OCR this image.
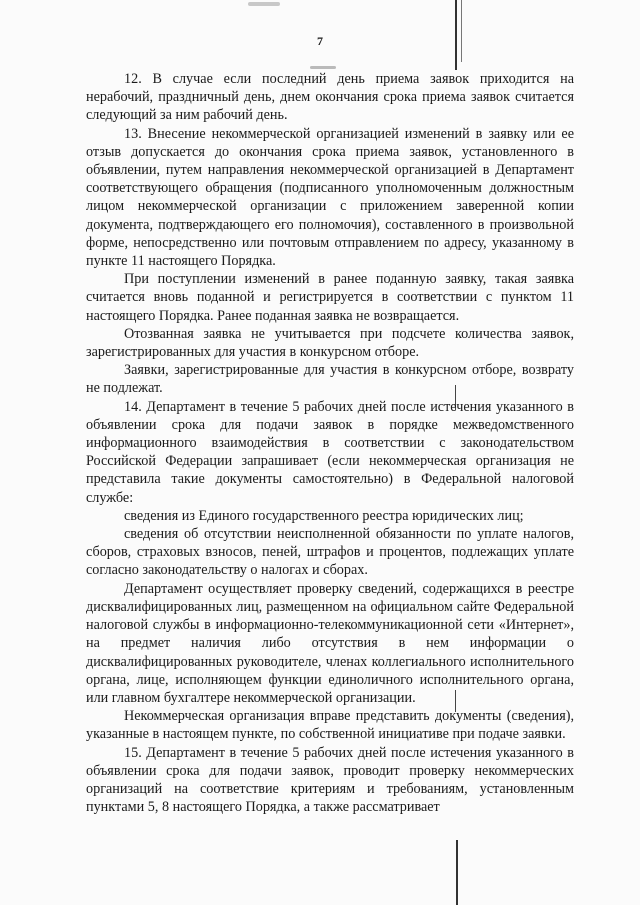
7

12. В случае если последний день приема заявок приходится на нерабочий, праздничный день, днем окончания срока приема заявок считается следующий за ним рабочий день.

13. Внесение некоммерческой организацией изменений в заявку или ее отзыв допускается до окончания срока приема заявок, установленного в объявлении, путем направления некоммерческой организацией в Департамент соответствующего обращения (подписанного уполномоченным должностным лицом некоммерческой организации с приложением заверенной копии документа, подтверждающего его полномочия), составленного в произвольной форме, непосредственно или почтовым отправлением по адресу, указанному в пункте 11 настоящего Порядка.

При поступлении изменений в ранее поданную заявку, такая заявка считается вновь поданной и регистрируется в соответствии с пунктом 11 настоящего Порядка. Ранее поданная заявка не возвращается.

Отозванная заявка не учитывается при подсчете количества заявок, зарегистрированных для участия в конкурсном отборе.

Заявки, зарегистрированные для участия в конкурсном отборе, возврату не подлежат.

14. Департамент в течение 5 рабочих дней после истечения указанного в объявлении срока для подачи заявок в порядке межведомственного информационного взаимодействия в соответствии с законодательством Российской Федерации запрашивает (если некоммерческая организация не представила такие документы самостоятельно) в Федеральной налоговой службе:

сведения из Единого государственного реестра юридических лиц;

сведения об отсутствии неисполненной обязанности по уплате налогов, сборов, страховых взносов, пеней, штрафов и процентов, подлежащих уплате согласно законодательству о налогах и сборах.

Департамент осуществляет проверку сведений, содержащихся в реестре дисквалифицированных лиц, размещенном на официальном сайте Федеральной налоговой службы в информационно-телекоммуникационной сети «Интернет», на предмет наличия либо отсутствия в нем информации о дисквалифицированных руководителе, членах коллегиального исполнительного органа, лице, исполняющем функции единоличного исполнительного органа, или главном бухгалтере некоммерческой организации.

Некоммерческая организация вправе представить документы (сведения), указанные в настоящем пункте, по собственной инициативе при подаче заявки.

15. Департамент в течение 5 рабочих дней после истечения указанного в объявлении срока для подачи заявок, проводит проверку некоммерческих организаций на соответствие критериям и требованиям, установленным пунктами 5, 8 настоящего Порядка, а также рассматривает
